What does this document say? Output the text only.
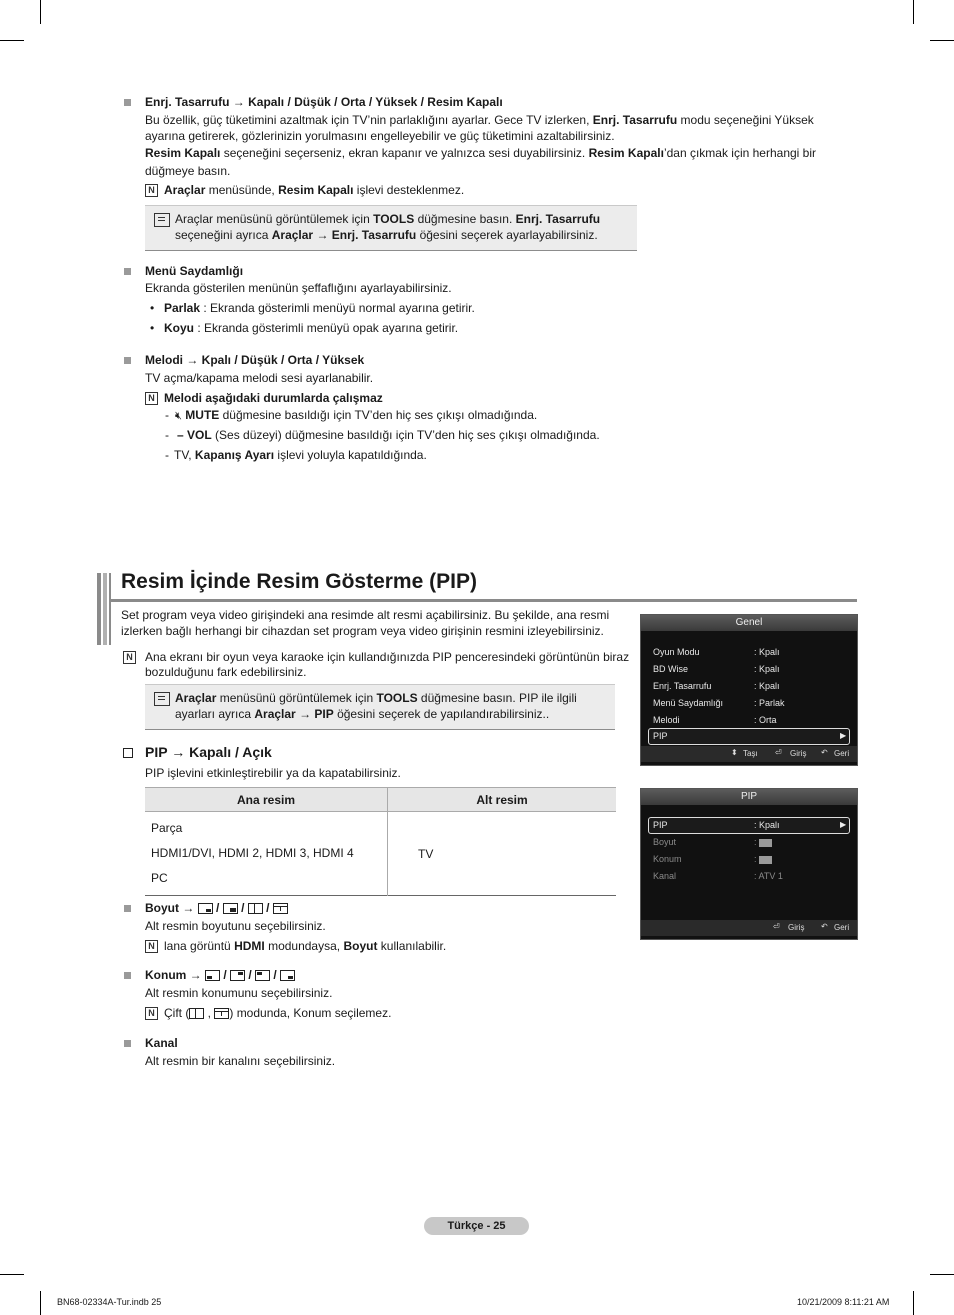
Enrj. Tasarrufu → Kapalı / Düşük / Orta / Yüksek / Resim Kapalı
Bu özellik, güç tüketimini azaltmak için TV’nin parlaklığını ayarlar. Gece TV izlerken, Enrj. Tasarrufu modu seçeneğini Yüksek
ayarına getirerek, gözlerinizin yorulmasını engelleyebilir ve güç tüketimini azaltabilirsiniz.
Resim Kapalı seçeneğini seçerseniz, ekran kapanır ve yalnızca sesi duyabilirsiniz. Resim Kapalı’dan çıkmak için herhangi bir
düğmeye basın.
N Araçlar menüsünde, Resim Kapalı işlevi desteklenmez.
Araçlar menüsünü görüntülemek için TOOLS düğmesine basın. Enrj. Tasarrufu
seçeneğini ayrıca Araçlar → Enrj. Tasarrufu öğesini seçerek ayarlayabilirsiniz.
Menü Saydamlığı
Ekranda gösterilen menünün şeffaflığını ayarlayabilirsiniz.
• Parlak : Ekranda gösterimli menüyü normal ayarına getirir.
• Koyu : Ekranda gösterimli menüyü opak ayarına getirir.
Melodi → Kpalı / Düşük / Orta / Yüksek
TV açma/kapama melodi sesi ayarlanabilir.
N Melodi aşağıdaki durumlarda çalışmaz
- 🔇︎ MUTE düğmesine basıldığı için TV’den hiç ses çıkışı olmadığında.
- – VOL (Ses düzeyi) düğmesine basıldığı için TV’den hiç ses çıkışı olmadığında.
- TV, Kapanış Ayarı işlevi yoluyla kapatıldığında.
Resim İçinde Resim Gösterme (PIP)
Set program veya video girişindeki ana resimde alt resmi açabilirsiniz. Bu şekilde, ana resmi
izlerken bağlı herhangi bir cihazdan set program veya video girişinin resmini izleyebilirsiniz.
N Ana ekranı bir oyun veya karaoke için kullandığınızda PIP penceresindeki görüntünün biraz
bozulduğunu fark edebilirsiniz.
Araçlar menüsünü görüntülemek için TOOLS düğmesine basın. PIP ile ilgili
ayarları ayrıca Araçlar → PIP öğesini seçerek de yapılandırabilirsiniz..
PIP → Kapalı / Açık
PIP işlevini etkinleştirebilir ya da kapatabilirsiniz.
Ana resim	Alt resim

Parça
HDMI1/DVI, HDMI 2, HDMI 3, HDMI 4
PC	TV
Boyut → / / /
Alt resmin boyutunu seçebilirsiniz.
N lana görüntü HDMI modundaysa, Boyut kullanılabilir.
Konum → / / /
Alt resmin konumunu seçebilirsiniz.
N Çift (
,
) modunda, Konum seçilemez.
Kanal
Alt resmin bir kanalını seçebilirsiniz.
Genel
Oyun Modu	: Kpalı
BD Wise	: Kpalı
Enrj. Tasarrufu	: Kpalı
Menü Saydamlığı	: Parlak
Melodi	: Orta
PIP	▶
⬍ Taşı ⏎ Giriş ↶ Geri
PIP
PIP	: Kpalı	▶
Boyut	:
Konum	:
Kanal	: ATV 1
⏎ Giriş ↶ Geri
Türkçe - 25
BN68-02334A-Tur.indb 25	10/21/2009 8:11:21 AM
